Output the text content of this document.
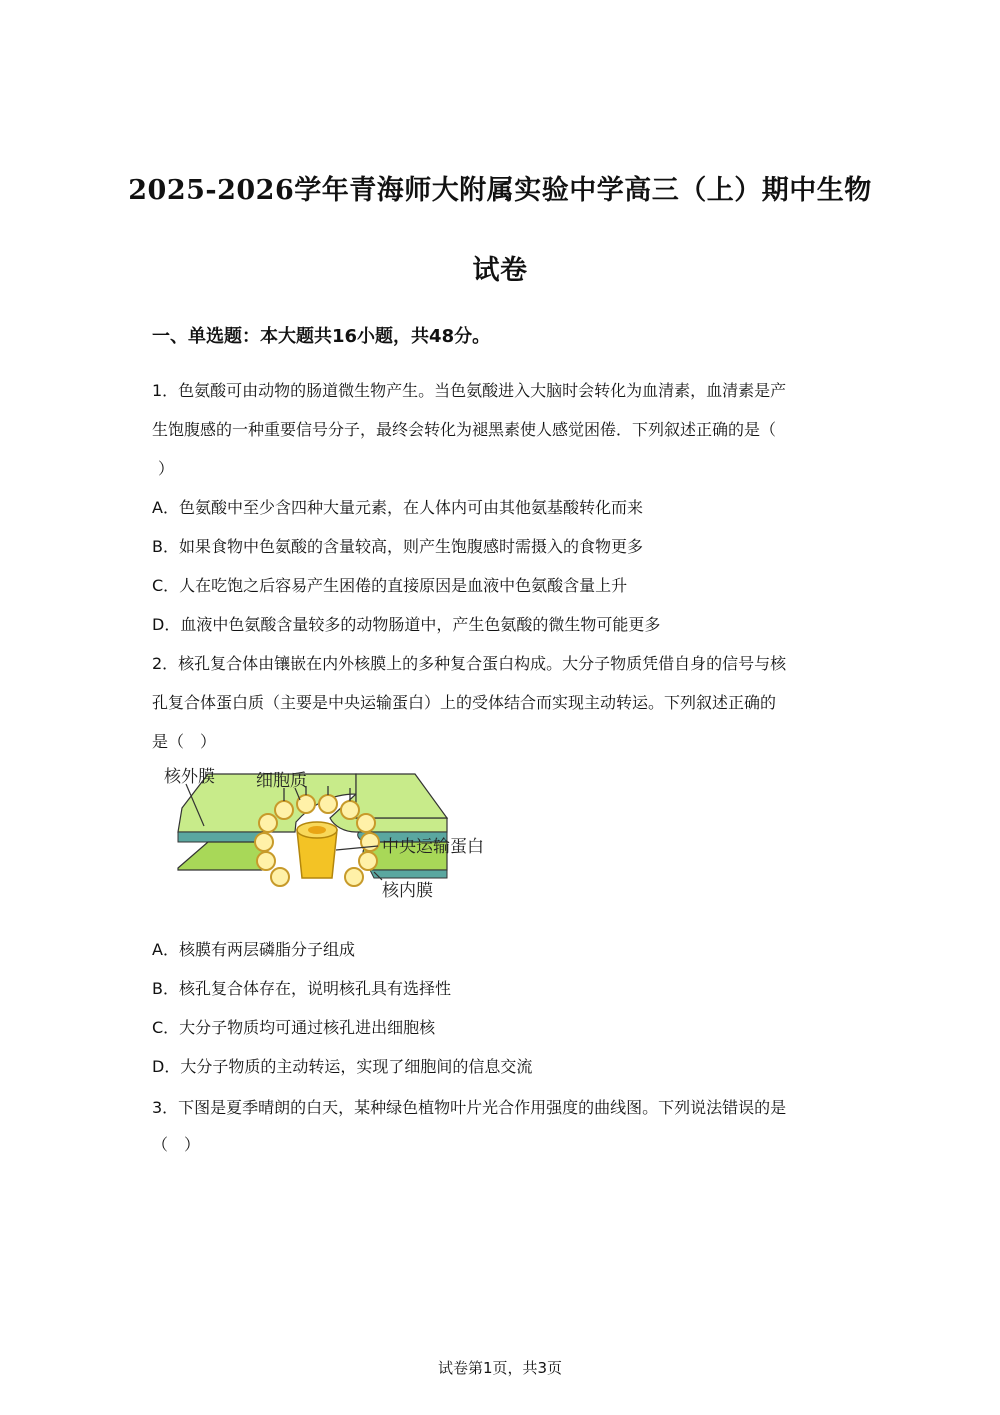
2025-2026学年青海师大附属实验中学高三（上）期中生物
试卷
一、单选题：本大题共16小题，共48分。
1．色氨酸可由动物的肠道微生物产生。当色氨酸进入大脑时会转化为血清素，血清素是产
生饱腹感的一种重要信号分子，最终会转化为褪黑素使人感觉困倦．下列叙述正确的是（
）
A．色氨酸中至少含四种大量元素，在人体内可由其他氨基酸转化而来
B．如果食物中色氨酸的含量较高，则产生饱腹感时需摄入的食物更多
C．人在吃饱之后容易产生困倦的直接原因是血液中色氨酸含量上升
D．血液中色氨酸含量较多的动物肠道中，产生色氨酸的微生物可能更多
2．核孔复合体由镶嵌在内外核膜上的多种复合蛋白构成。大分子物质凭借自身的信号与核
孔复合体蛋白质（主要是中央运输蛋白）上的受体结合而实现主动转运。下列叙述正确的
是（　）
核外膜 细胞质
中央运输蛋白
核内膜
A．核膜有两层磷脂分子组成
B．核孔复合体存在，说明核孔具有选择性
C．大分子物质均可通过核孔进出细胞核
D．大分子物质的主动转运，实现了细胞间的信息交流
3．下图是夏季晴朗的白天，某种绿色植物叶片光合作用强度的曲线图。下列说法错误的是
（　）
试卷第1页，共3页
